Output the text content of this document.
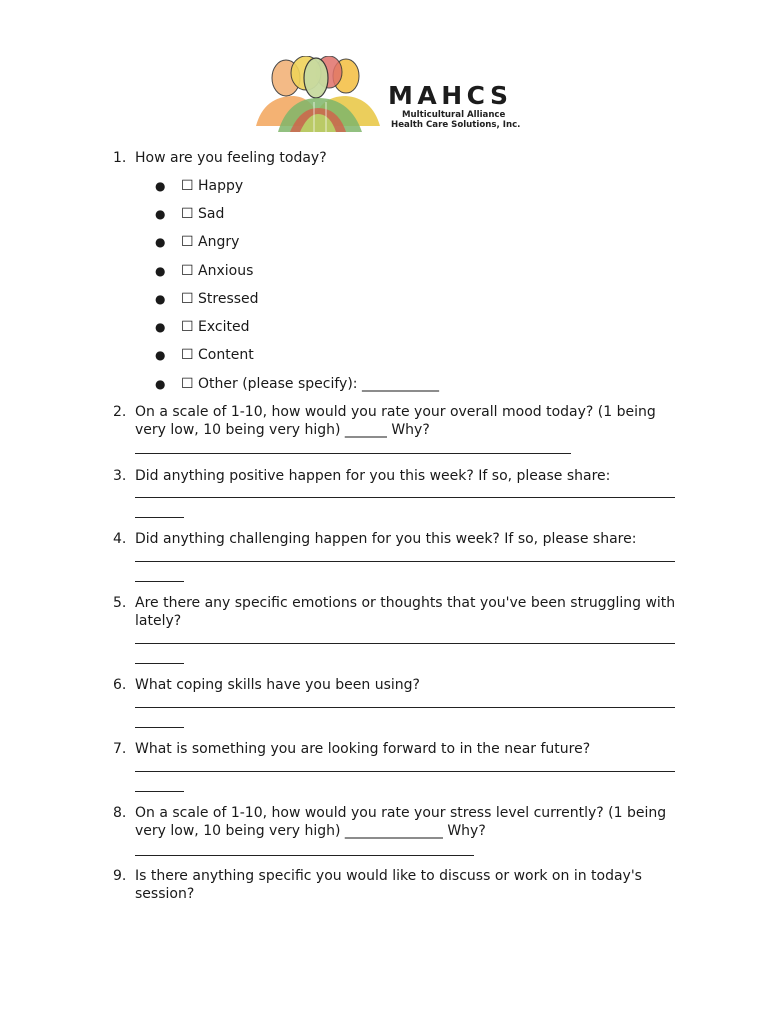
MAHCS
Multicultural Alliance
Health Care Solutions, Inc.
1. How are you feeling today?
● ☐ Happy
● ☐ Sad
● ☐ Angry
● ☐ Anxious
● ☐ Stressed
● ☐ Excited
● ☐ Content
● ☐ Other (please specify): ___________
2. On a scale of 1-10, how would you rate your overall mood today? (1 being
very low, 10 being very high) ______ Why?
3. Did anything positive happen for you this week? If so, please share:
4. Did anything challenging happen for you this week? If so, please share:
5. Are there any specific emotions or thoughts that you've been struggling with
lately?
6. What coping skills have you been using?
7. What is something you are looking forward to in the near future?
8. On a scale of 1-10, how would you rate your stress level currently? (1 being
very low, 10 being very high) ______________ Why?
9. Is there anything specific you would like to discuss or work on in today's
session?
